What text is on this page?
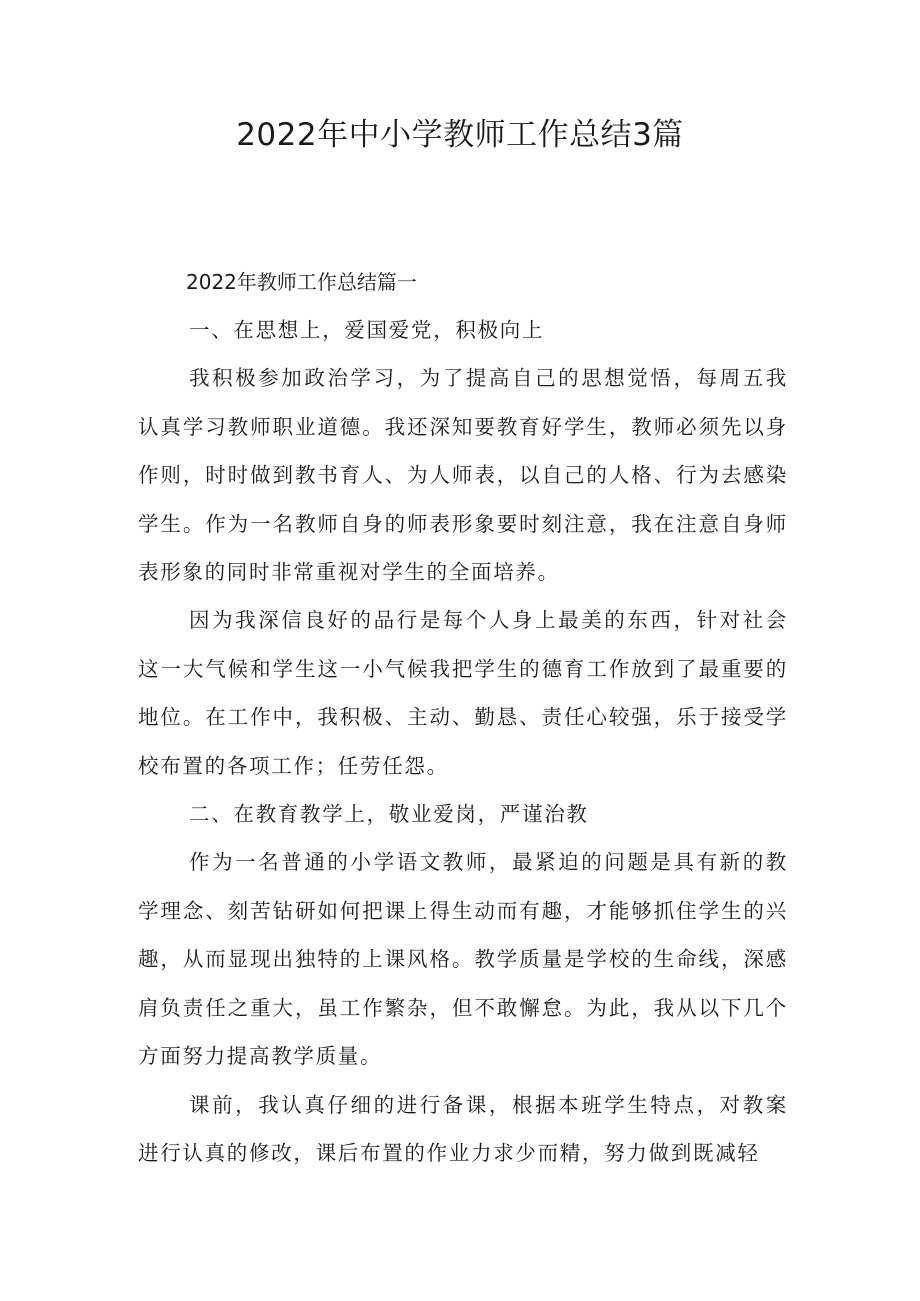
2022年中小学教师工作总结3篇

2022年教师工作总结篇一

一、在思想上，爱国爱党，积极向上

我积极参加政治学习，为了提高自己的思想觉悟，每周五我认真学习教师职业道德。我还深知要教育好学生，教师必须先以身作则，时时做到教书育人、为人师表，以自己的人格、行为去感染学生。作为一名教师自身的师表形象要时刻注意，我在注意自身师表形象的同时非常重视对学生的全面培养。

因为我深信良好的品行是每个人身上最美的东西，针对社会这一大气候和学生这一小气候我把学生的德育工作放到了最重要的地位。在工作中，我积极、主动、勤恳、责任心较强，乐于接受学校布置的各项工作；任劳任怨。

二、在教育教学上，敬业爱岗，严谨治教

作为一名普通的小学语文教师，最紧迫的问题是具有新的教学理念、刻苦钻研如何把课上得生动而有趣，才能够抓住学生的兴趣，从而显现出独特的上课风格。教学质量是学校的生命线，深感肩负责任之重大，虽工作繁杂，但不敢懈怠。为此，我从以下几个方面努力提高教学质量。

课前，我认真仔细的进行备课，根据本班学生特点，对教案进行认真的修改，课后布置的作业力求少而精，努力做到既减轻
